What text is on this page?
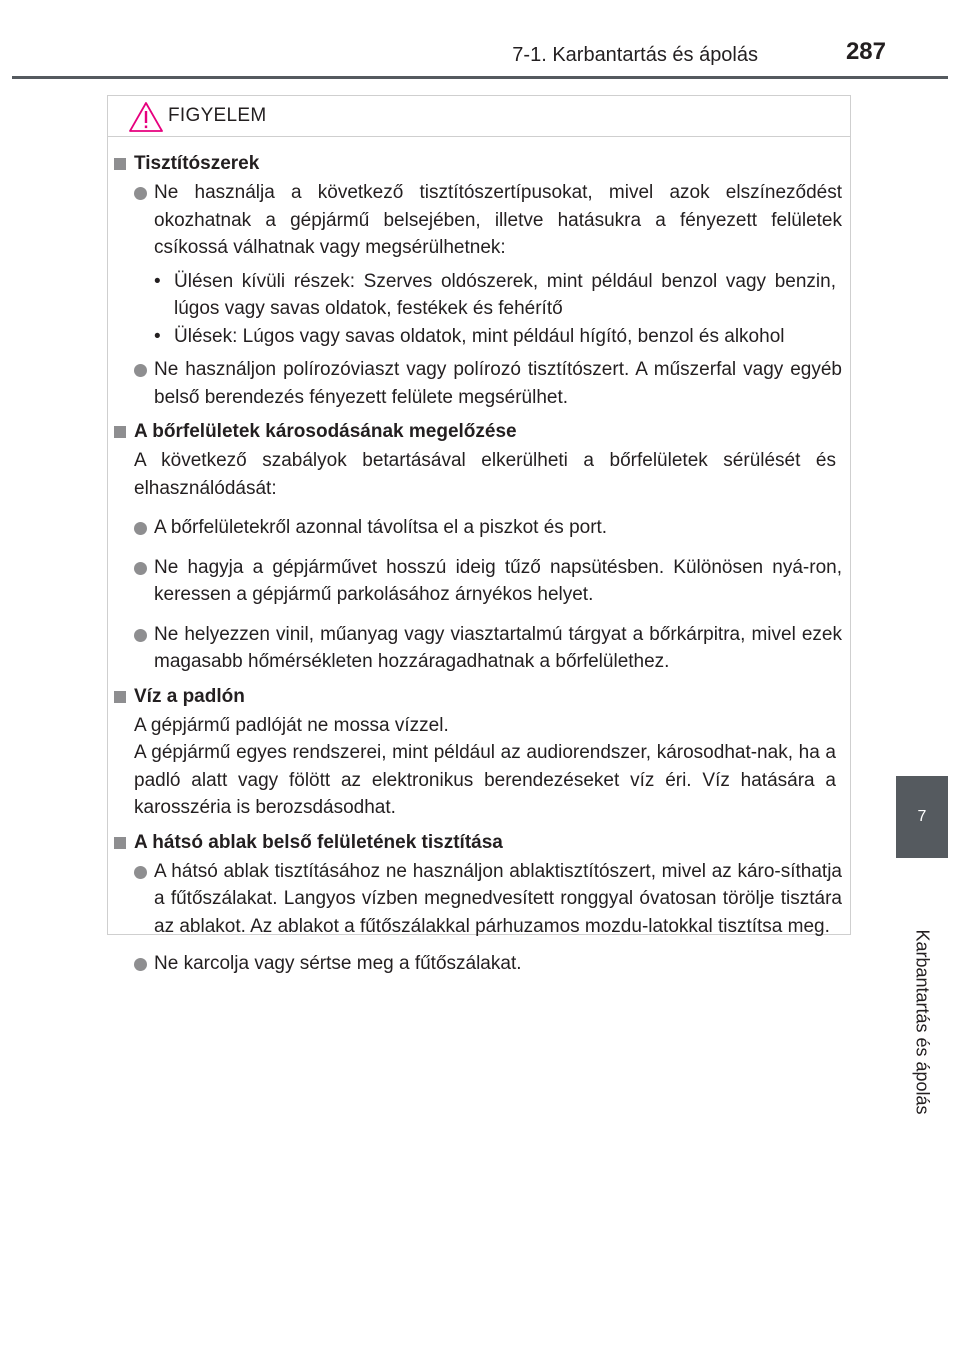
7-1. Karbantartás és ápolás	287
7
Karbantartás és ápolás
FIGYELEM
Tisztítószerek
Ne használja a következő tisztítószertípusokat, mivel azok elszíneződést okozhatnak a gépjármű belsejében, illetve hatásukra a fényezett felületek csíkossá válhatnak vagy megsérülhetnek:
• Ülésen kívüli részek: Szerves oldószerek, mint például benzol vagy benzin, lúgos vagy savas oldatok, festékek és fehérítő
• Ülések: Lúgos vagy savas oldatok, mint például hígító, benzol és alkohol
Ne használjon polírozóviaszt vagy polírozó tisztítószert. A műszerfal vagy egyéb belső berendezés fényezett felülete megsérülhet.
A bőrfelületek károsodásának megelőzése
A következő szabályok betartásával elkerülheti a bőrfelületek sérülését és elhasználódását:
A bőrfelületekről azonnal távolítsa el a piszkot és port.
Ne hagyja a gépjárművet hosszú ideig tűző napsütésben. Különösen nyá-ron, keressen a gépjármű parkolásához árnyékos helyet.
Ne helyezzen vinil, műanyag vagy viasztartalmú tárgyat a bőrkárpitra, mivel ezek magasabb hőmérsékleten hozzáragadhatnak a bőrfelülethez.
Víz a padlón
A gépjármű padlóját ne mossa vízzel.
A gépjármű egyes rendszerei, mint például az audiorendszer, károsodhat-nak, ha a padló alatt vagy fölött az elektronikus berendezéseket víz éri. Víz hatására a karosszéria is berozsdásodhat.
A hátsó ablak belső felületének tisztítása
A hátsó ablak tisztításához ne használjon ablaktisztítószert, mivel az káro-síthatja a fűtőszálakat. Langyos vízben megnedvesített ronggyal óvatosan törölje tisztára az ablakot. Az ablakot a fűtőszálakkal párhuzamos mozdu-latokkal tisztítsa meg.
Ne karcolja vagy sértse meg a fűtőszálakat.
